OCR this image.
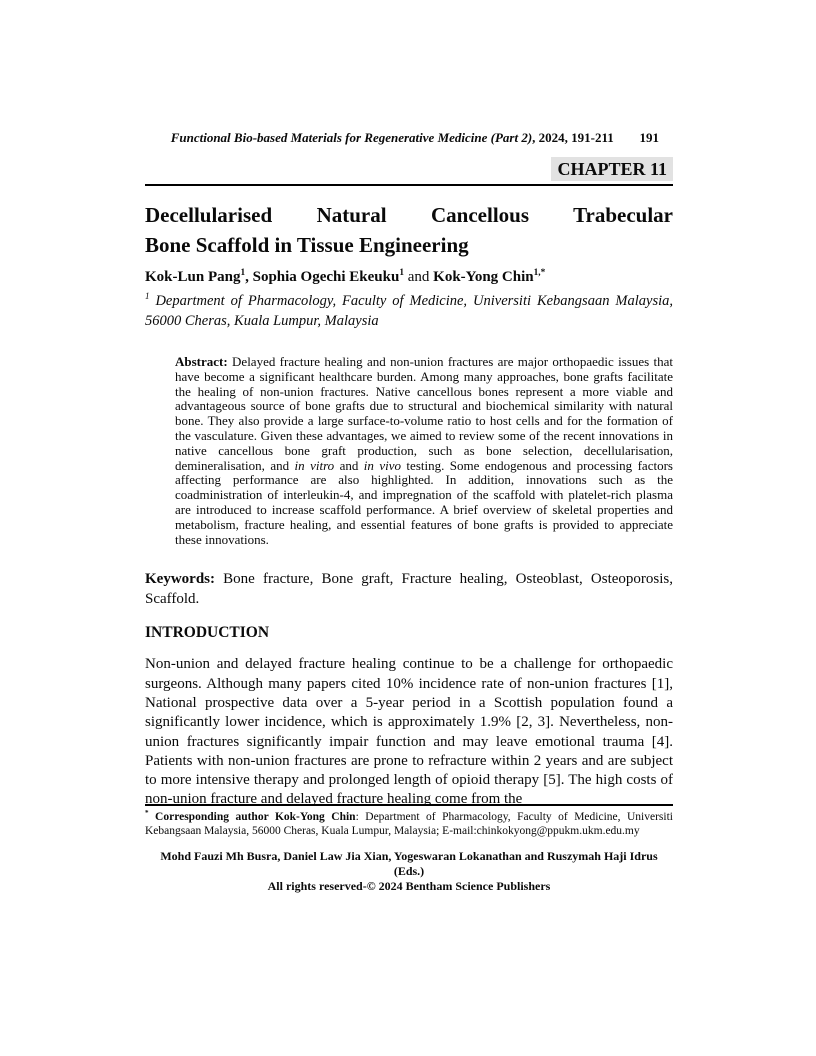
Functional Bio-based Materials for Regenerative Medicine (Part 2), 2024, 191-211	191
CHAPTER 11
Decellularised Natural Cancellous Trabecular
Bone Scaffold in Tissue Engineering

Kok-Lun Pang$^1$, Sophia Ogechi Ekeuku$^1$ and Kok-Yong Chin$^{1,*}$

$^1$ Department of Pharmacology, Faculty of Medicine, Universiti Kebangsaan Malaysia, 56000 Cheras, Kuala Lumpur, Malaysia

Abstract: Delayed fracture healing and non-union fractures are major orthopaedic issues that have become a significant healthcare burden. Among many approaches, bone grafts facilitate the healing of non-union fractures. Native cancellous bones represent a more viable and advantageous source of bone grafts due to structural and biochemical similarity with natural bone. They also provide a large surface-to-volume ratio to host cells and for the formation of the vasculature. Given these advantages, we aimed to review some of the recent innovations in native cancellous bone graft production, such as bone selection, decellularisation, demineralisation, and in vitro and in vivo testing. Some endogenous and processing factors affecting performance are also highlighted. In addition, innovations such as the coadministration of interleukin-4, and impregnation of the scaffold with platelet-rich plasma are introduced to increase scaffold performance. A brief overview of skeletal properties and metabolism, fracture healing, and essential features of bone grafts is provided to appreciate these innovations.

Keywords: Bone fracture, Bone graft, Fracture healing, Osteoblast, Osteoporosis, Scaffold.

INTRODUCTION

Non-union and delayed fracture healing continue to be a challenge for orthopaedic surgeons. Although many papers cited 10% incidence rate of non-union fractures [1], National prospective data over a 5-year period in a Scottish population found a significantly lower incidence, which is approximately 1.9% [2, 3]. Nevertheless, non-union fractures significantly impair function and may leave emotional trauma [4]. Patients with non-union fractures are prone to refracture within 2 years and are subject to more intensive therapy and prolonged length of opioid therapy [5]. The high costs of non-union fracture and delayed fracture healing come from the

* Corresponding author Kok-Yong Chin: Department of Pharmacology, Faculty of Medicine, Universiti Kebangsaan Malaysia, 56000 Cheras, Kuala Lumpur, Malaysia; E-mail:chinkokyong@ppukm.ukm.edu.my

Mohd Fauzi Mh Busra, Daniel Law Jia Xian, Yogeswaran Lokanathan and Ruszymah Haji Idrus (Eds.)

All rights reserved-© 2024 Bentham Science Publishers
